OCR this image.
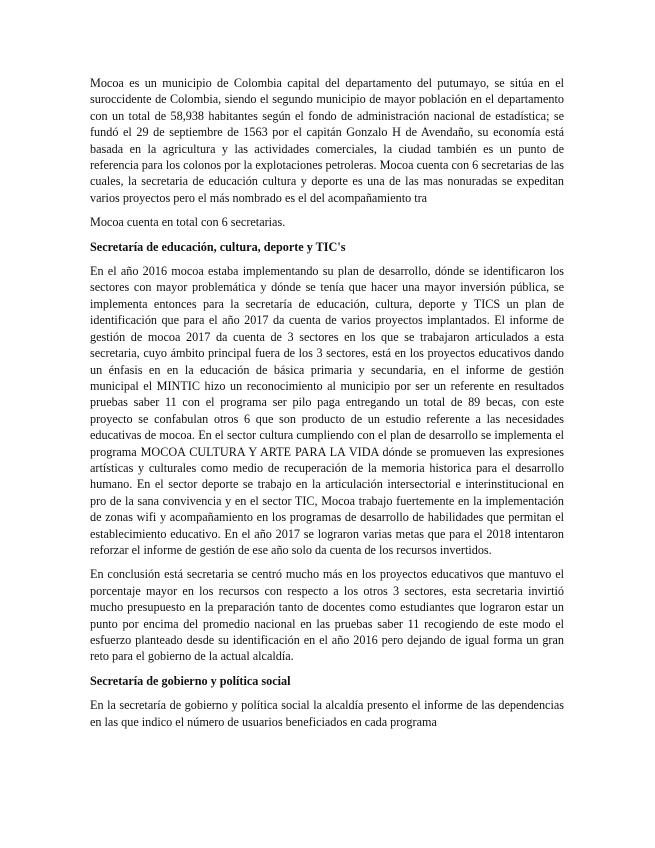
Mocoa es un municipio de Colombia capital del departamento del putumayo, se sitúa en el suroccidente de Colombia, siendo el segundo municipio de mayor población en el departamento con un total de 58,938 habitantes según el fondo de administración nacional de estadística; se fundó el 29 de septiembre de 1563 por el capitán Gonzalo H de Avendaño, su economía está basada en la agricultura y las actividades comerciales, la ciudad también es un punto de referencia para los colonos por la explotaciones petroleras. Mocoa cuenta con 6 secretarias de las cuales, la secretaria de educación cultura y deporte es una de las mas nonuradas se expeditan varios proyectos pero el más nombrado es el del acompañamiento tra

Mocoa cuenta en total con 6 secretarias.

Secretaría de educación, cultura, deporte y TIC's

En el año 2016 mocoa estaba implementando su plan de desarrollo, dónde se identificaron los sectores con mayor problemática y dónde se tenía que hacer una mayor inversión pública, se implementa entonces para la secretaría de educación, cultura, deporte y TICS un plan de identificación que para el año 2017 da cuenta de varios proyectos implantados. El informe de gestión de mocoa 2017 da cuenta de 3 sectores en los que se trabajaron articulados a esta secretaria, cuyo ámbito principal fuera de los 3 sectores, está en los proyectos educativos dando un énfasis en en la educación de básica primaria y secundaria, en el informe de gestión municipal el MINTIC hizo un reconocimiento al municipio por ser un referente en resultados pruebas saber 11 con el programa ser pilo paga entregando un total de 89 becas, con este proyecto se confabulan otros 6 que son producto de un estudio referente a las necesidades educativas de mocoa. En el sector cultura cumpliendo con el plan de desarrollo se implementa el programa MOCOA CULTURA Y ARTE PARA LA VIDA dónde se promueven las expresiones artísticas y culturales como medio de recuperación de la memoria historica para el desarrollo humano. En el sector deporte se trabajo en la articulación intersectorial e interinstitucional en pro de la sana convivencia y en el sector TIC, Mocoa trabajo fuertemente en la implementación de zonas wifi y acompañamiento en los programas de desarrollo de habilidades que permitan el establecimiento educativo. En el año 2017 se lograron varias metas que para el 2018 intentaron reforzar el informe de gestión de ese año solo da cuenta de los recursos invertidos.

En conclusión está secretaria se centró mucho más en los proyectos educativos que mantuvo el porcentaje mayor en los recursos con respecto a los otros 3 sectores, esta secretaria invirtió mucho presupuesto en la preparación tanto de docentes como estudiantes que lograron estar un punto por encima del promedio nacional en las pruebas saber 11 recogiendo de este modo el esfuerzo planteado desde su identificación en el año 2016 pero dejando de igual forma un gran reto para el gobierno de la actual alcaldía.

Secretaría de gobierno y política social

En la secretaría de gobierno y política social la alcaldía presento el informe de las dependencias en las que indico el número de usuarios beneficiados en cada programa
